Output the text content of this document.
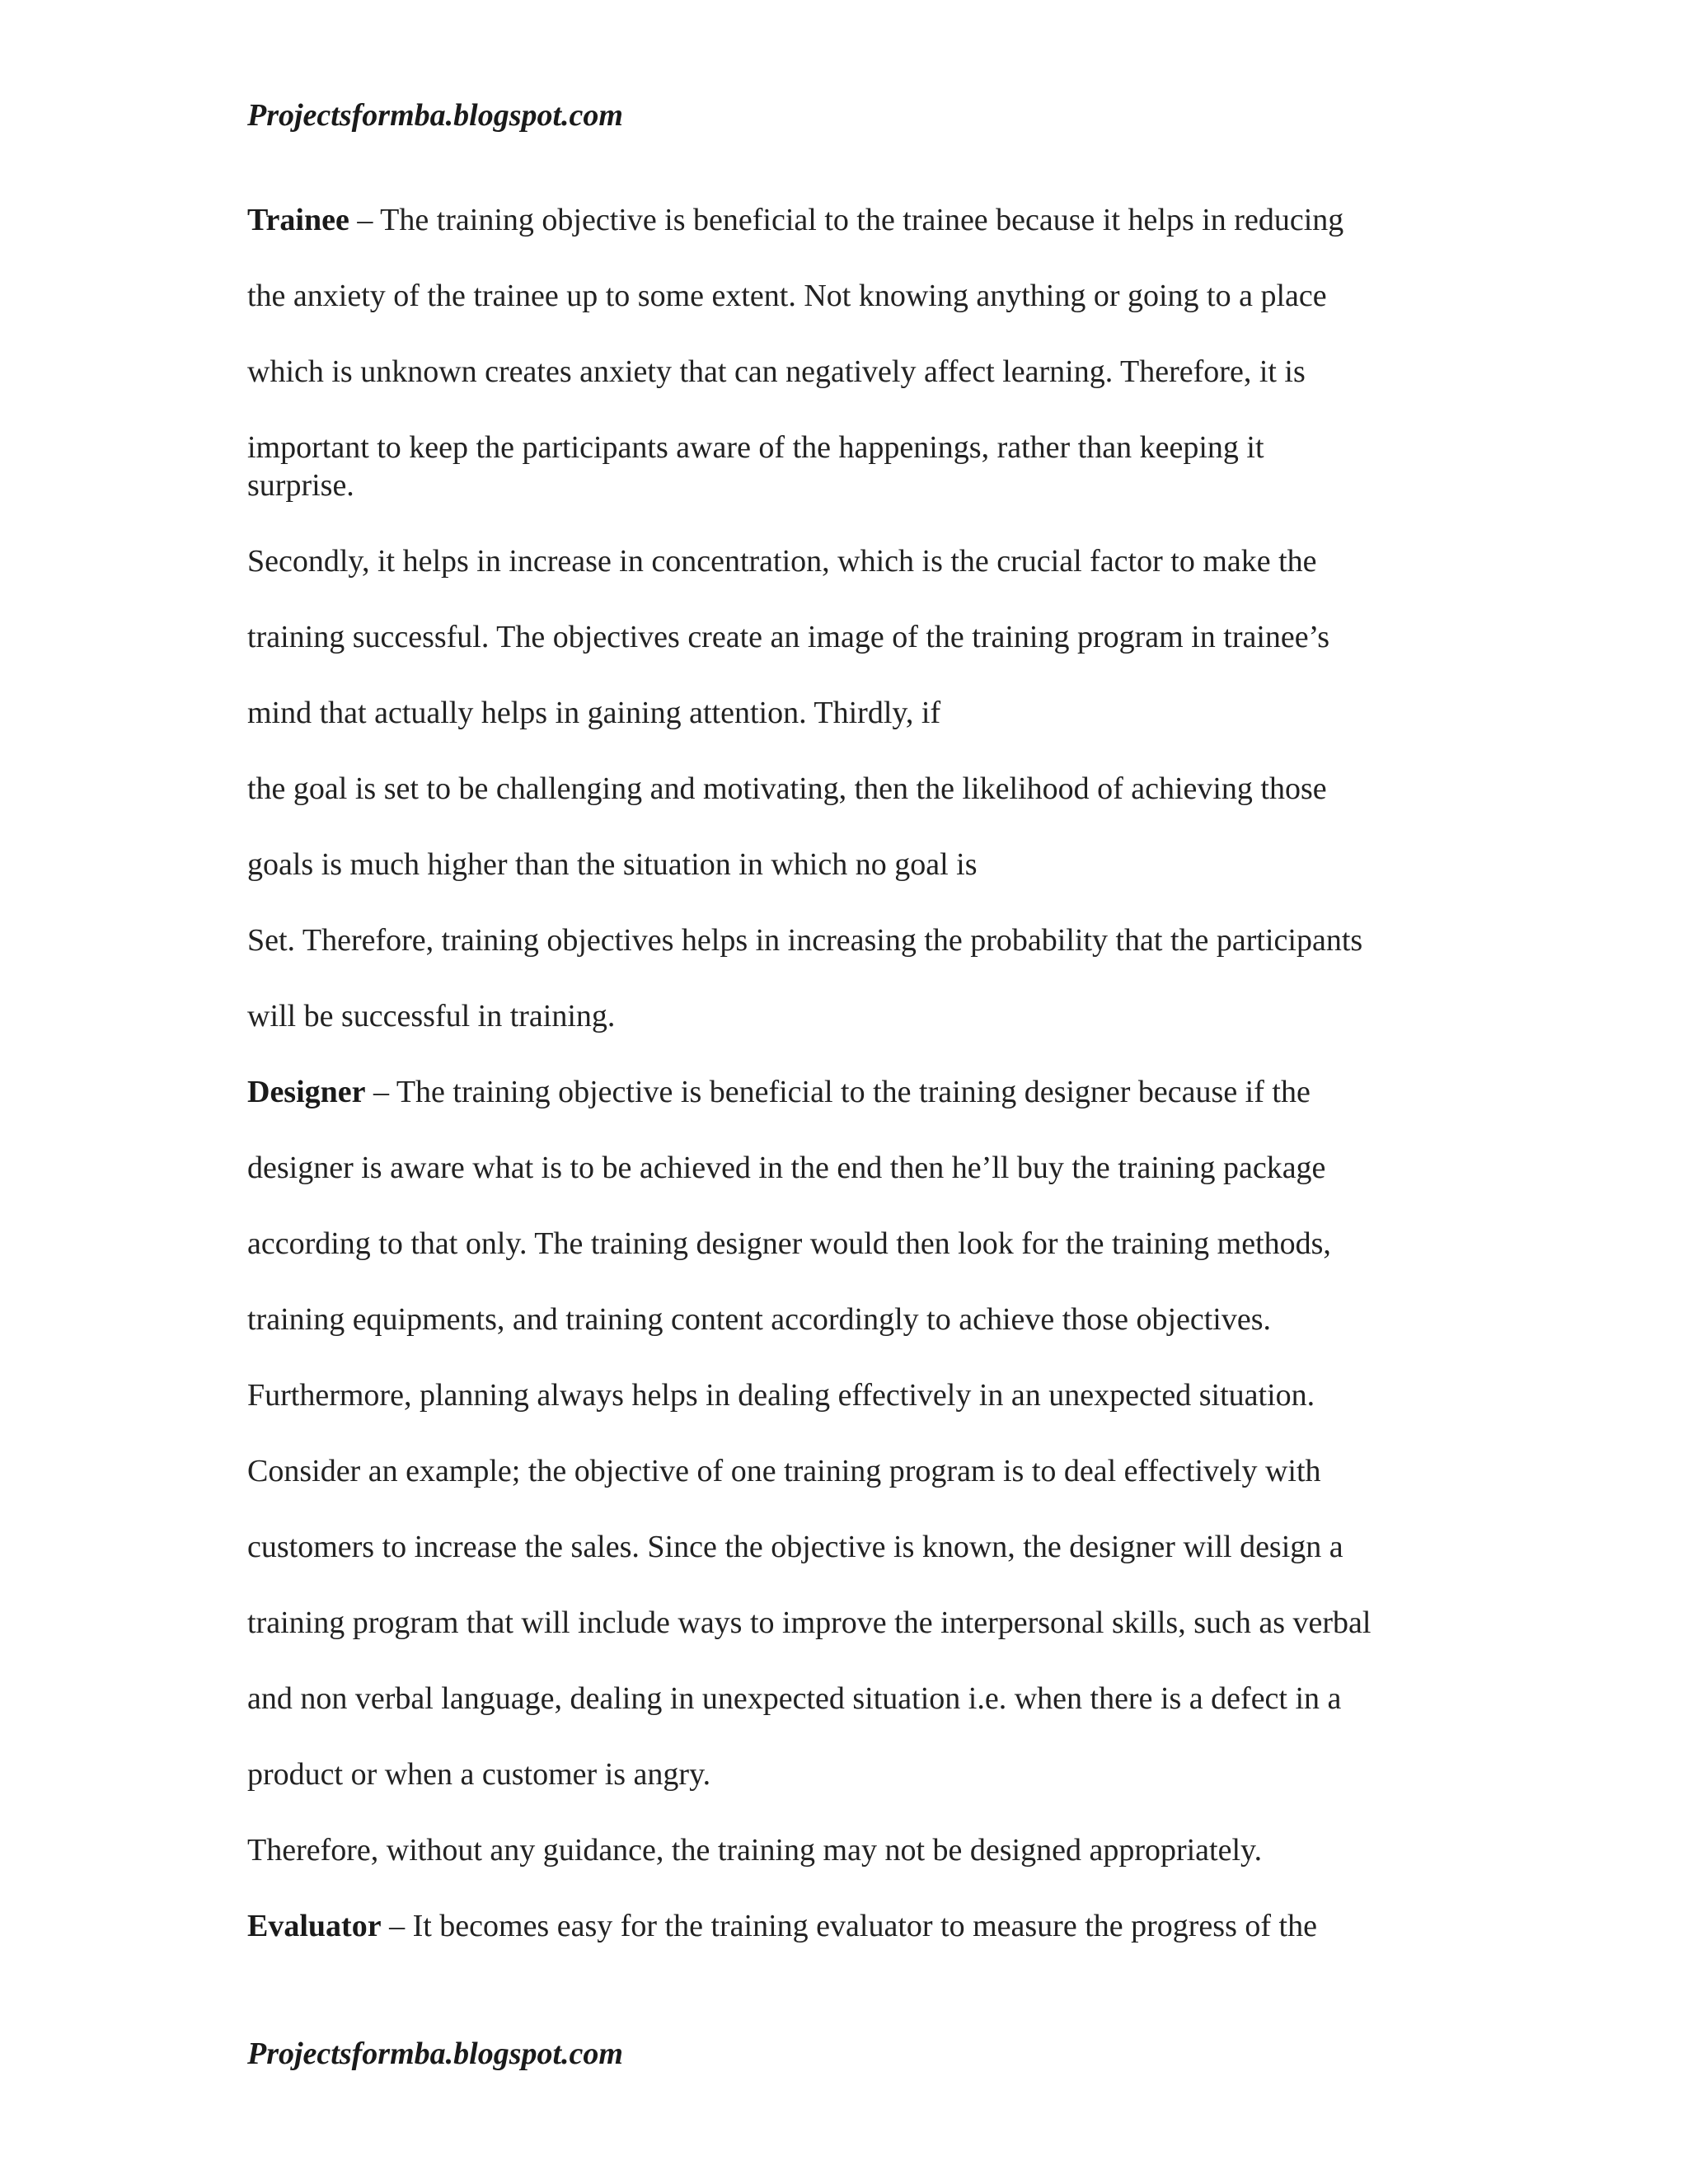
Projectsformba.blogspot.com
Trainee – The training objective is beneficial to the trainee because it helps in reducing
the anxiety of the trainee up to some extent. Not knowing anything or going to a place
which is unknown creates anxiety that can negatively affect learning. Therefore, it is
important to keep the participants aware of the happenings, rather than keeping it
surprise.
Secondly, it helps in increase in concentration, which is the crucial factor to make the
training successful. The objectives create an image of the training program in trainee’s
mind that actually helps in gaining attention. Thirdly, if
the goal is set to be challenging and motivating, then the likelihood of achieving those
goals is much higher than the situation in which no goal is
Set. Therefore, training objectives helps in increasing the probability that the participants
will be successful in training.
Designer – The training objective is beneficial to the training designer because if the
designer is aware what is to be achieved in the end then he’ll buy the training package
according to that only. The training designer would then look for the training methods,
training equipments, and training content accordingly to achieve those objectives.
Furthermore, planning always helps in dealing effectively in an unexpected situation.
Consider an example; the objective of one training program is to deal effectively with
customers to increase the sales. Since the objective is known, the designer will design a
training program that will include ways to improve the interpersonal skills, such as verbal
and non verbal language, dealing in unexpected situation i.e. when there is a defect in a
product or when a customer is angry.
Therefore, without any guidance, the training may not be designed appropriately.
Evaluator – It becomes easy for the training evaluator to measure the progress of the
Projectsformba.blogspot.com
